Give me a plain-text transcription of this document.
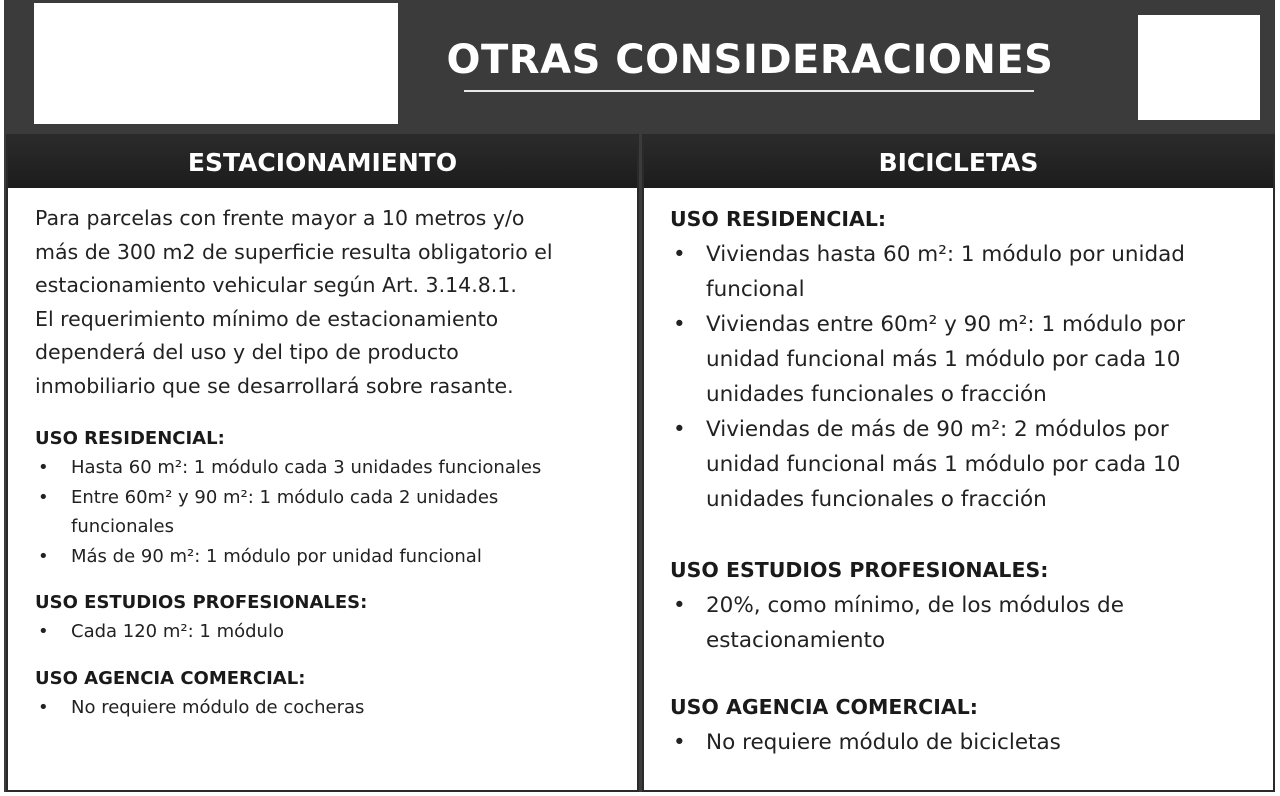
OTRAS CONSIDERACIONES
ESTACIONAMIENTO

Para parcelas con frente mayor a 10 metros y/o
más de 300 m2 de superficie resulta obligatorio el
estacionamiento vehicular según Art. 3.14.8.1.
El requerimiento mínimo de estacionamiento
dependerá del uso y del tipo de producto
inmobiliario que se desarrollará sobre rasante.

USO RESIDENCIAL:
• Hasta 60 m²: 1 módulo cada 3 unidades funcionales
• Entre 60m² y 90 m²: 1 módulo cada 2 unidades funcionales
• Más de 90 m²: 1 módulo por unidad funcional
USO ESTUDIOS PROFESIONALES:
• Cada 120 m²: 1 módulo
USO AGENCIA COMERCIAL:
• No requiere módulo de cocheras
BICICLETAS
USO RESIDENCIAL:
• Viviendas hasta 60 m²: 1 módulo por unidad funcional
• Viviendas entre 60m² y 90 m²: 1 módulo por unidad funcional más 1 módulo por cada 10 unidades funcionales o fracción
• Viviendas de más de 90 m²: 2 módulos por unidad funcional más 1 módulo por cada 10 unidades funcionales o fracción
USO ESTUDIOS PROFESIONALES:
• 20%, como mínimo, de los módulos de estacionamiento
USO AGENCIA COMERCIAL:
• No requiere módulo de bicicletas
